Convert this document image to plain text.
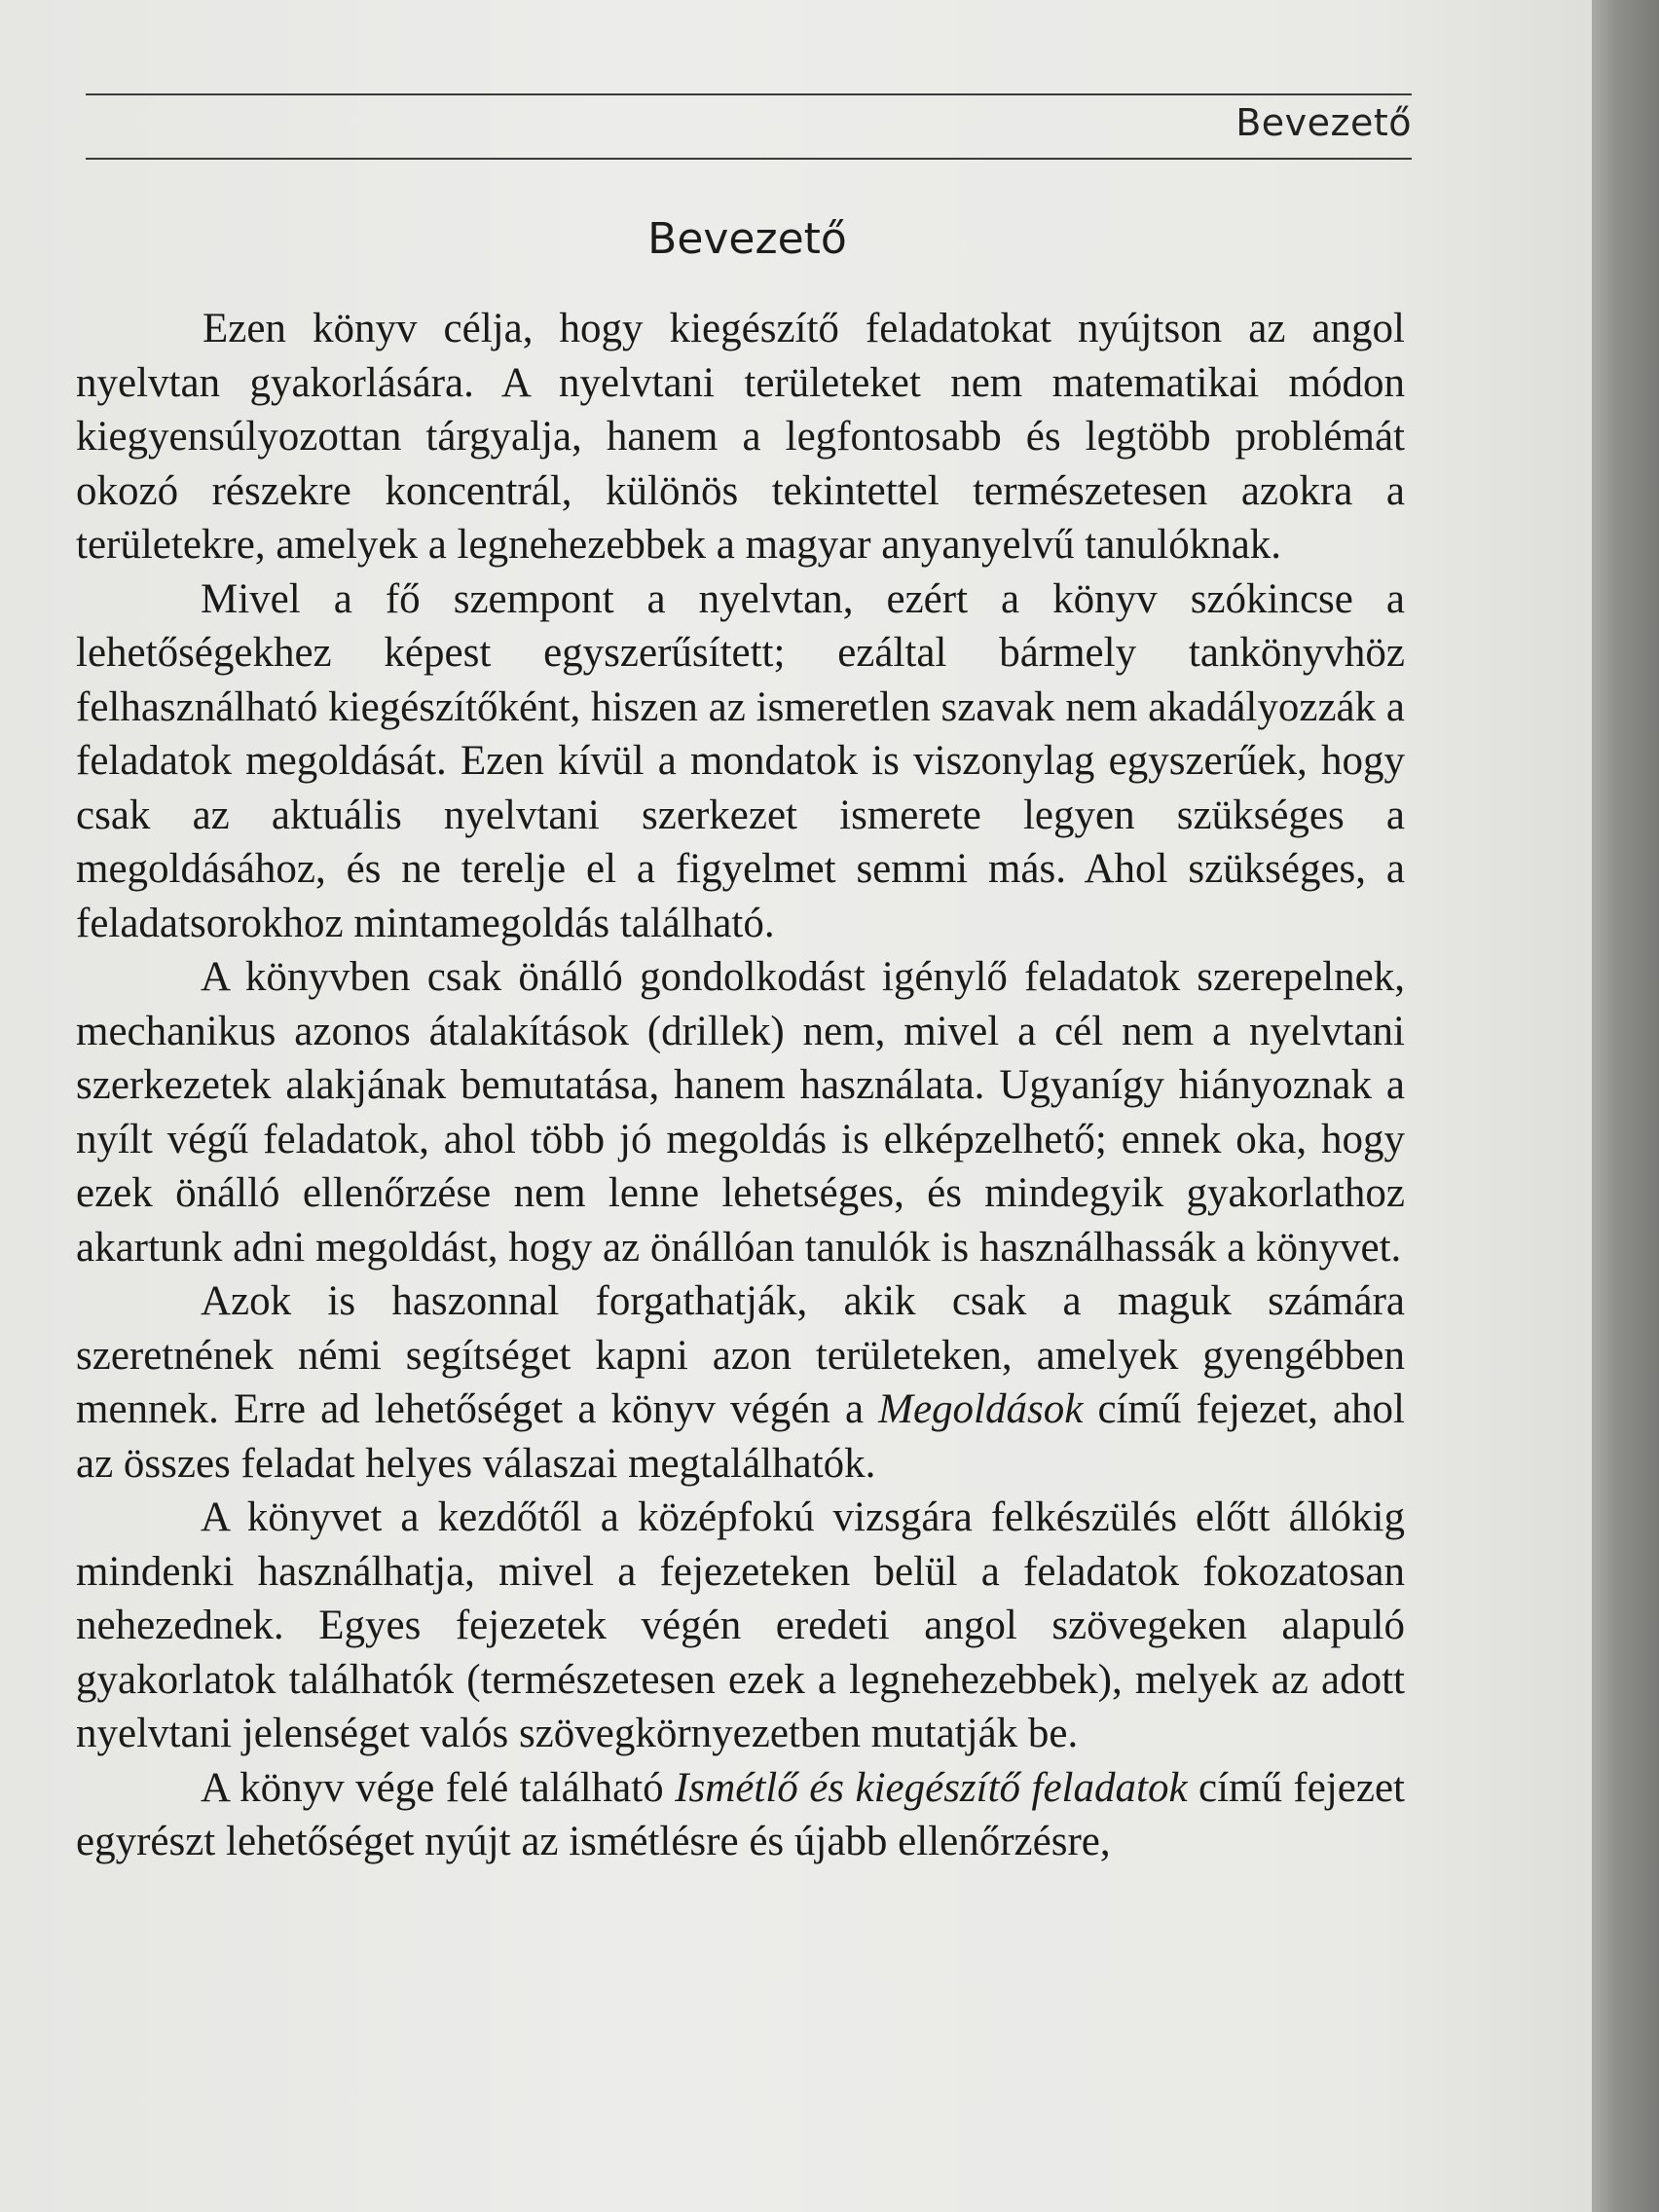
Bevezető
Bevezető

Ezen könyv célja, hogy kiegészítő feladatokat nyújtson az angol nyelvtan gyakorlására. A nyelvtani területeket nem matematikai módon kiegyensúlyozottan tárgyalja, hanem a legfontosabb és legtöbb problémát okozó részekre koncentrál, különös tekintettel természetesen azokra a területekre, amelyek a legnehezebbek a magyar anyanyelvű tanulóknak.

Mivel a fő szempont a nyelvtan, ezért a könyv szókincse a lehetőségekhez képest egyszerűsített; ezáltal bármely tankönyvhöz felhasználható kiegészítőként, hiszen az ismeretlen szavak nem akadályozzák a feladatok megoldását. Ezen kívül a mondatok is viszonylag egyszerűek, hogy csak az aktuális nyelvtani szerkezet ismerete legyen szükséges a megoldásához, és ne terelje el a figyelmet semmi más. Ahol szükséges, a feladatsorokhoz mintamegoldás található.

A könyvben csak önálló gondolkodást igénylő feladatok szerepelnek, mechanikus azonos átalakítások (drillek) nem, mivel a cél nem a nyelvtani szerkezetek alakjának bemutatása, hanem használata. Ugyanígy hiányoznak a nyílt végű feladatok, ahol több jó megoldás is elképzelhető; ennek oka, hogy ezek önálló ellenőrzése nem lenne lehetséges, és mindegyik gyakorlathoz akartunk adni megoldást, hogy az önállóan tanulók is használhassák a könyvet.

Azok is haszonnal forgathatják, akik csak a maguk számára szeretnének némi segítséget kapni azon területeken, amelyek gyengébben mennek. Erre ad lehetőséget a könyv végén a Megoldások című fejezet, ahol az összes feladat helyes válaszai megtalálhatók.

A könyvet a kezdőtől a középfokú vizsgára felkészülés előtt állókig mindenki használhatja, mivel a fejezeteken belül a feladatok fokozatosan nehezednek. Egyes fejezetek végén eredeti angol szövegeken alapuló gyakorlatok találhatók (természetesen ezek a legnehezebbek), melyek az adott nyelvtani jelenséget valós szövegkörnyezetben mutatják be.

A könyv vége felé található Ismétlő és kiegészítő feladatok című fejezet egyrészt lehetőséget nyújt az ismétlésre és újabb ellenőrzésre,
